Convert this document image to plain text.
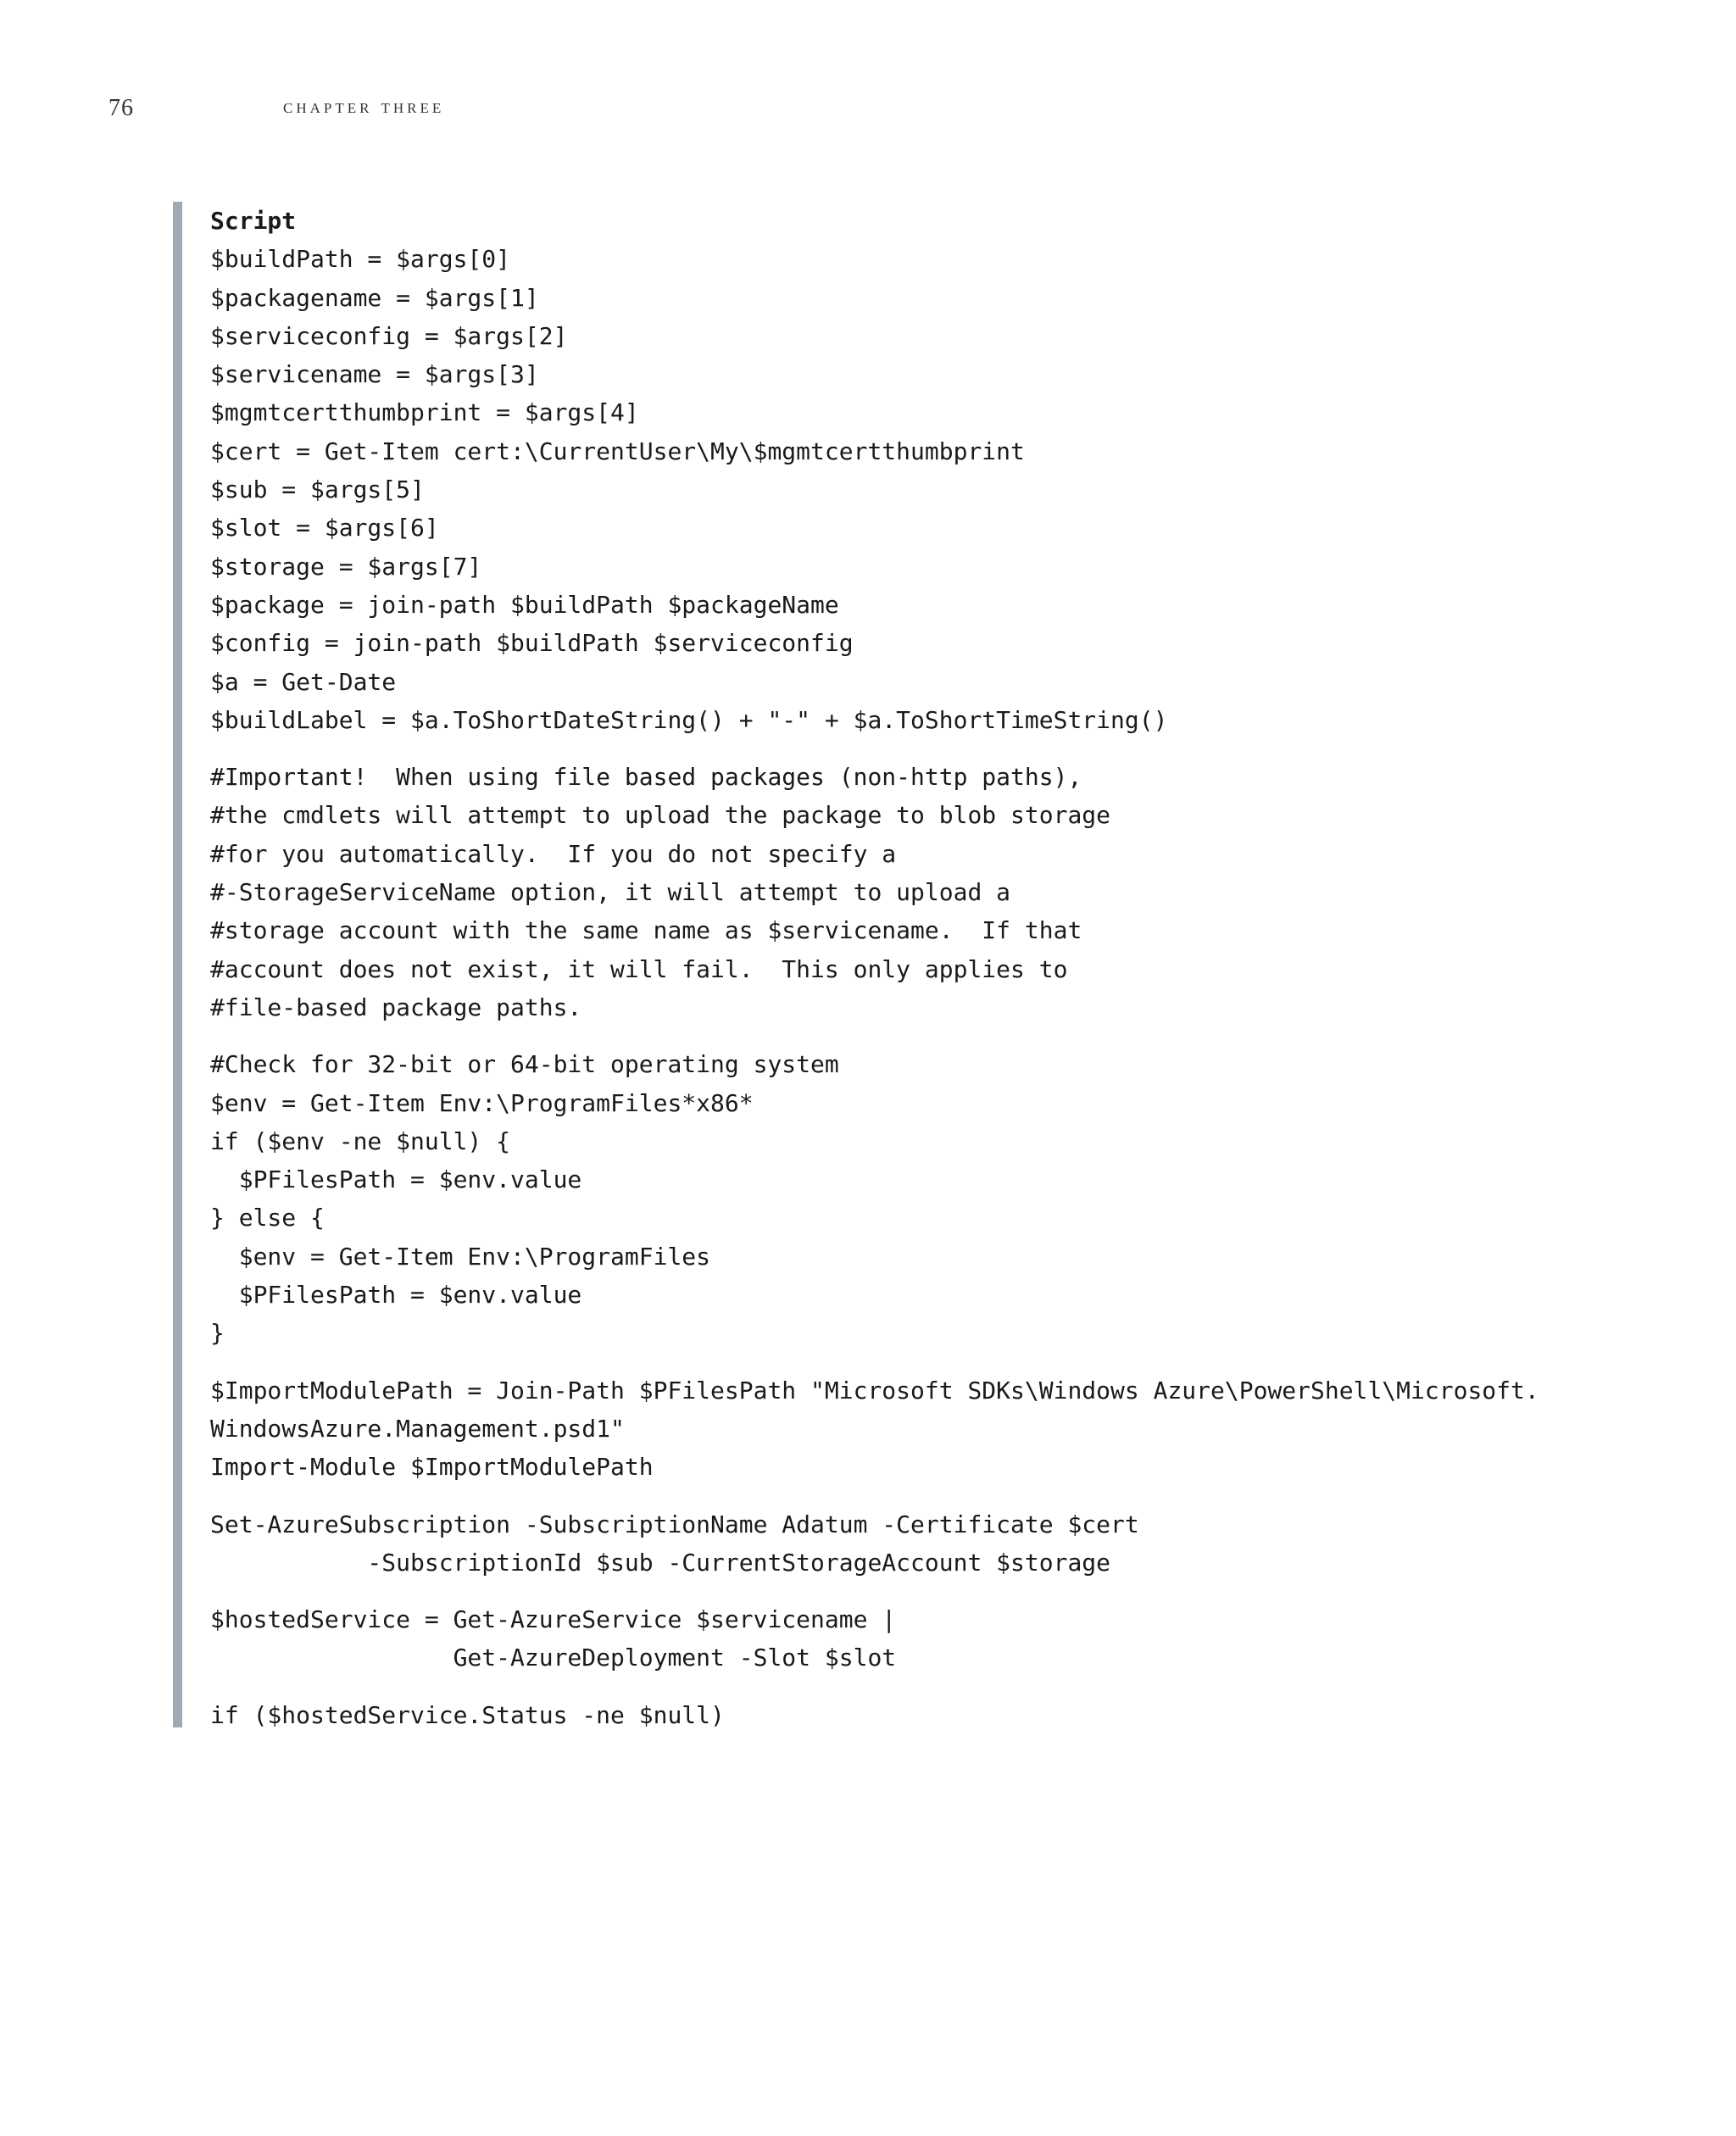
76	chapter three
Script
$buildPath = $args[0]
$packagename = $args[1]
$serviceconfig = $args[2]
$servicename = $args[3]
$mgmtcertthumbprint = $args[4]
$cert = Get-Item cert:\CurrentUser\My\$mgmtcertthumbprint
$sub = $args[5]
$slot = $args[6]
$storage = $args[7]
$package = join-path $buildPath $packageName
$config = join-path $buildPath $serviceconfig
$a = Get-Date
$buildLabel = $a.ToShortDateString() + "-" + $a.ToShortTimeString()
#Important!  When using file based packages (non-http paths),
#the cmdlets will attempt to upload the package to blob storage
#for you automatically.  If you do not specify a
#-StorageServiceName option, it will attempt to upload a
#storage account with the same name as $servicename.  If that
#account does not exist, it will fail.  This only applies to
#file-based package paths.
#Check for 32-bit or 64-bit operating system
$env = Get-Item Env:\ProgramFiles*x86*
if ($env -ne $null) {
$PFilesPath = $env.value
} else {
$env = Get-Item Env:\ProgramFiles
$PFilesPath = $env.value
}
$ImportModulePath = Join-Path $PFilesPath "Microsoft SDKs\Windows Azure\PowerShell\Microsoft.
WindowsAzure.Management.psd1"
Import-Module $ImportModulePath
Set-AzureSubscription -SubscriptionName Adatum -Certificate $cert
-SubscriptionId $sub -CurrentStorageAccount $storage
$hostedService = Get-AzureService $servicename |
Get-AzureDeployment -Slot $slot
if ($hostedService.Status -ne $null)
